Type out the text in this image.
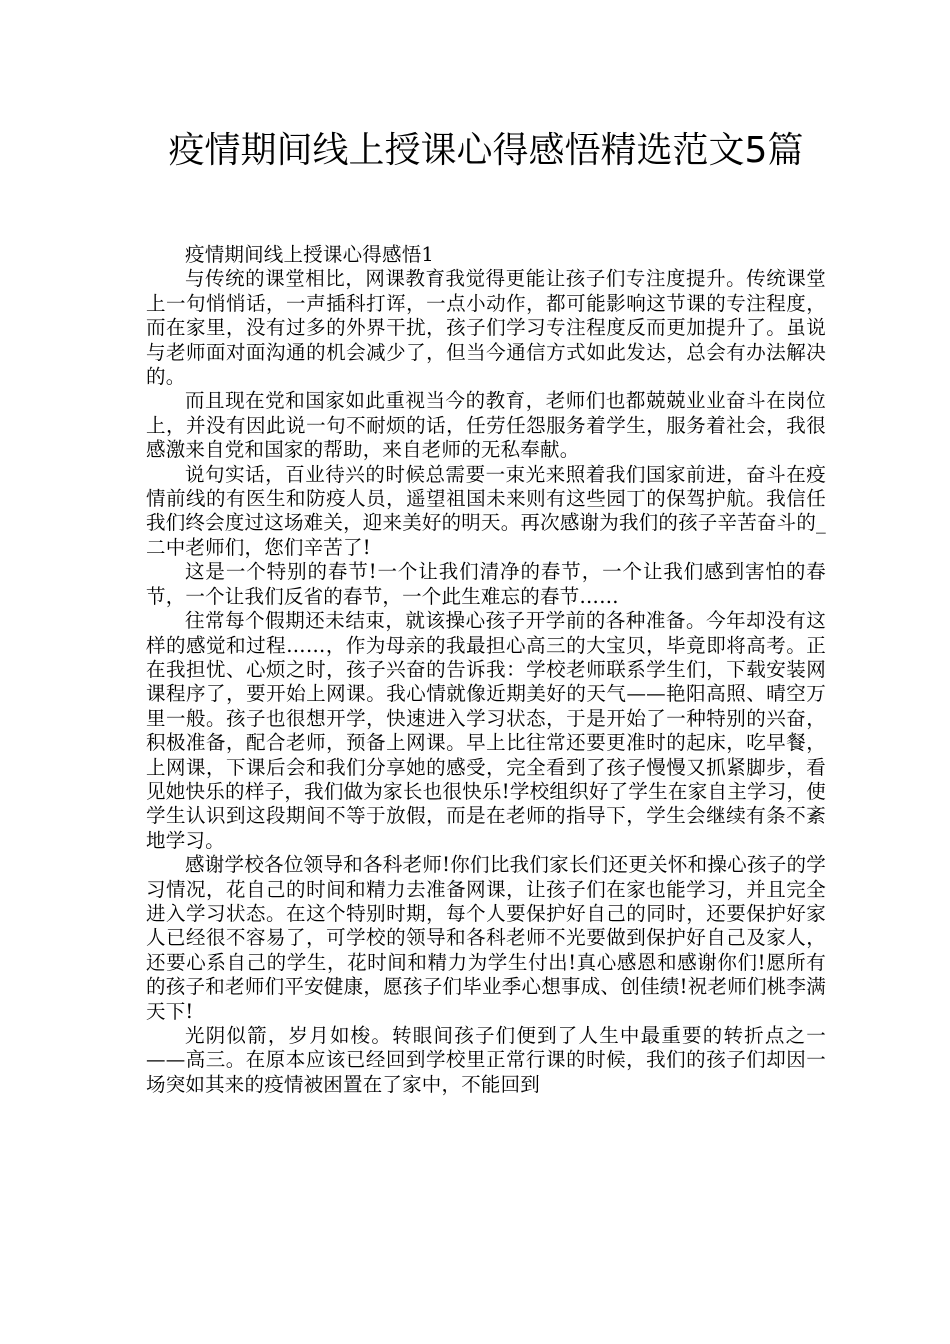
疫情期间线上授课心得感悟精选范文5篇

疫情期间线上授课心得感悟1

与传统的课堂相比，网课教育我觉得更能让孩子们专注度提升。传统课堂上一句悄悄话，一声插科打诨，一点小动作，都可能影响这节课的专注程度，而在家里，没有过多的外界干扰，孩子们学习专注程度反而更加提升了。虽说与老师面对面沟通的机会减少了，但当今通信方式如此发达，总会有办法解决的。

而且现在党和国家如此重视当今的教育，老师们也都兢兢业业奋斗在岗位上，并没有因此说一句不耐烦的话，任劳任怨服务着学生，服务着社会，我很感激来自党和国家的帮助，来自老师的无私奉献。

说句实话，百业待兴的时候总需要一束光来照着我们国家前进，奋斗在疫情前线的有医生和防疫人员，遥望祖国未来则有这些园丁的保驾护航。我信任我们终会度过这场难关，迎来美好的明天。再次感谢为我们的孩子辛苦奋斗的_二中老师们，您们辛苦了!

这是一个特别的春节!一个让我们清净的春节，一个让我们感到害怕的春节，一个让我们反省的春节，一个此生难忘的春节……

往常每个假期还未结束，就该操心孩子开学前的各种准备。今年却没有这样的感觉和过程……，作为母亲的我最担心高三的大宝贝，毕竟即将高考。正在我担忧、心烦之时，孩子兴奋的告诉我：学校老师联系学生们，下载安装网课程序了，要开始上网课。我心情就像近期美好的天气——艳阳高照、晴空万里一般。孩子也很想开学，快速进入学习状态，于是开始了一种特别的兴奋，积极准备，配合老师，预备上网课。早上比往常还要更准时的起床，吃早餐，上网课，下课后会和我们分享她的感受，完全看到了孩子慢慢又抓紧脚步，看见她快乐的样子，我们做为家长也很快乐!学校组织好了学生在家自主学习，使学生认识到这段期间不等于放假，而是在老师的指导下，学生会继续有条不紊地学习。

感谢学校各位领导和各科老师!你们比我们家长们还更关怀和操心孩子的学习情况，花自己的时间和精力去准备网课，让孩子们在家也能学习，并且完全进入学习状态。在这个特别时期，每个人要保护好自己的同时，还要保护好家人已经很不容易了，可学校的领导和各科老师不光要做到保护好自己及家人，还要心系自己的学生，花时间和精力为学生付出!真心感恩和感谢你们!愿所有的孩子和老师们平安健康，愿孩子们毕业季心想事成、创佳绩!祝老师们桃李满天下!

光阴似箭，岁月如梭。转眼间孩子们便到了人生中最重要的转折点之一——高三。在原本应该已经回到学校里正常行课的时候，我们的孩子们却因一场突如其来的疫情被困置在了家中，不能回到
